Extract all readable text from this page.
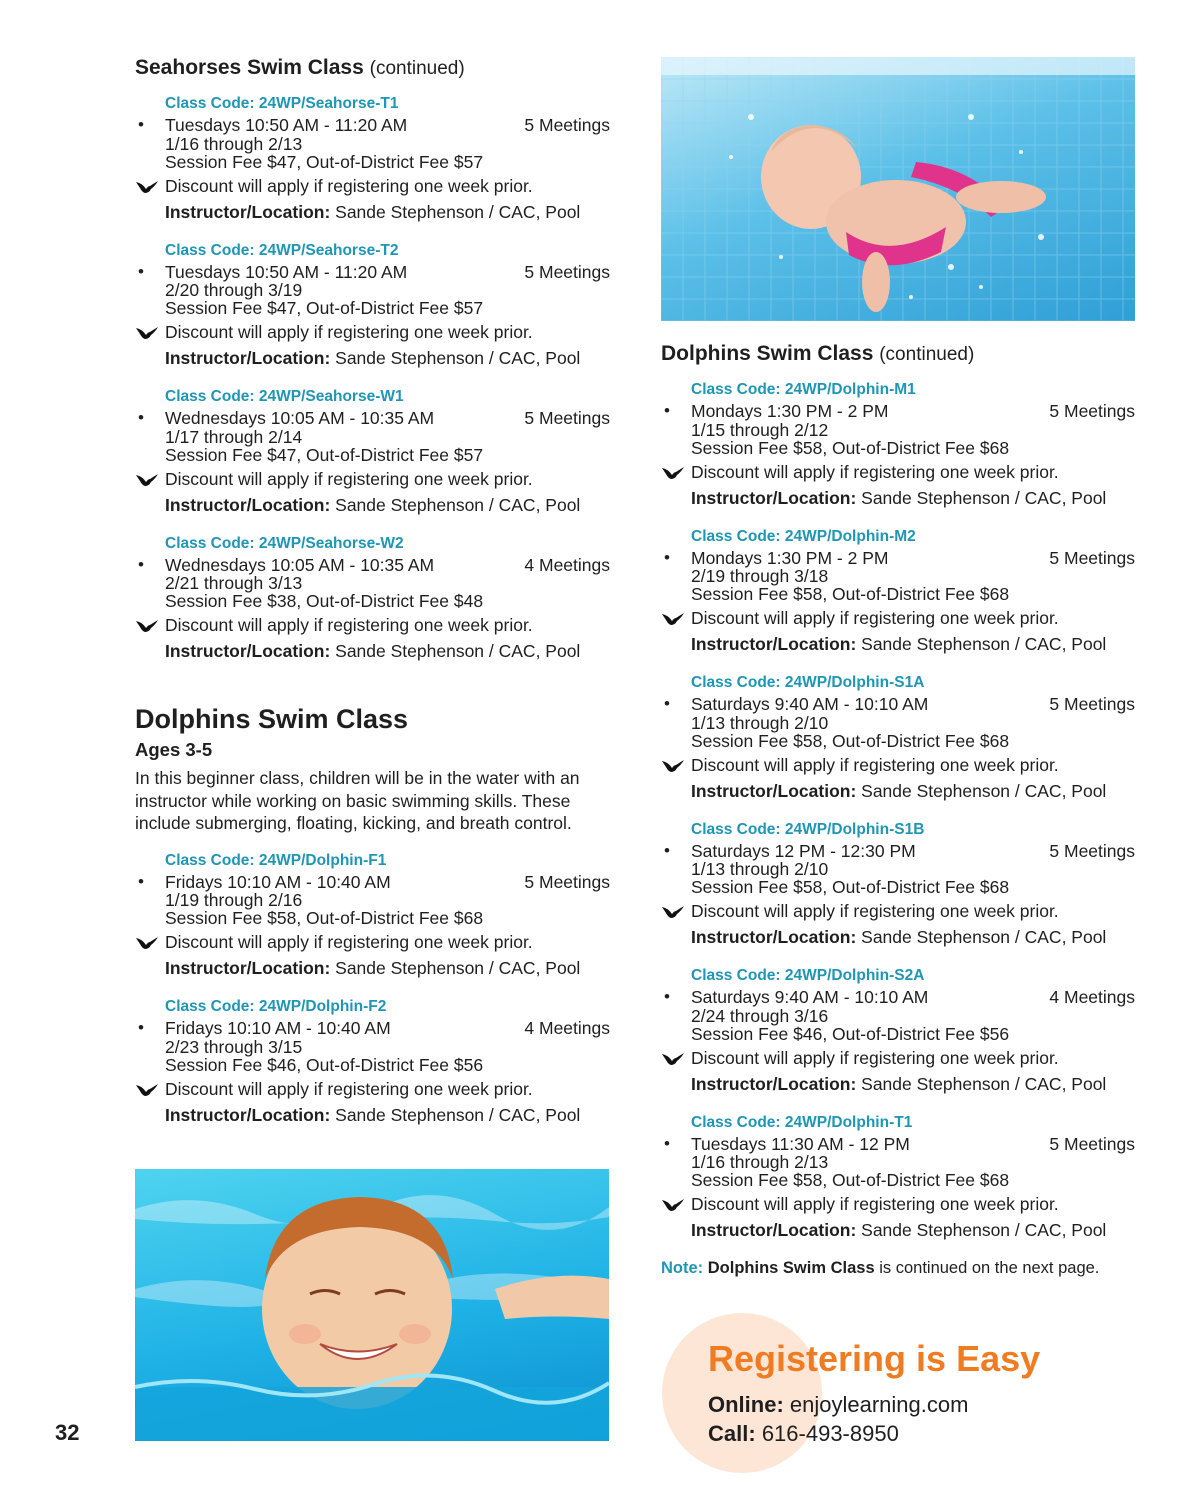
Seahorses Swim Class (continued)
Class Code: 24WP/Seahorse-T1
• Tuesdays 10:50 AM - 11:20 AM	5 Meetings
1/16 through 2/13
Session Fee $47, Out-of-District Fee $57
Discount will apply if registering one week prior.
Instructor/Location: Sande Stephenson / CAC, Pool
Class Code: 24WP/Seahorse-T2
• Tuesdays 10:50 AM - 11:20 AM	5 Meetings
2/20 through 3/19
Session Fee $47, Out-of-District Fee $57
Discount will apply if registering one week prior.
Instructor/Location: Sande Stephenson / CAC, Pool
Class Code: 24WP/Seahorse-W1
• Wednesdays 10:05 AM - 10:35 AM	5 Meetings
1/17 through 2/14
Session Fee $47, Out-of-District Fee $57
Discount will apply if registering one week prior.
Instructor/Location: Sande Stephenson / CAC, Pool
Class Code: 24WP/Seahorse-W2
• Wednesdays 10:05 AM - 10:35 AM	4 Meetings
2/21 through 3/13
Session Fee $38, Out-of-District Fee $48
Discount will apply if registering one week prior.
Instructor/Location: Sande Stephenson / CAC, Pool
Dolphins Swim Class
Ages 3-5
In this beginner class, children will be in the water with an instructor while working on basic swimming skills. These include submerging, floating, kicking, and breath control.
Class Code: 24WP/Dolphin-F1
• Fridays 10:10 AM - 10:40 AM	5 Meetings
1/19 through 2/16
Session Fee $58, Out-of-District Fee $68
Discount will apply if registering one week prior.
Instructor/Location: Sande Stephenson / CAC, Pool
Class Code: 24WP/Dolphin-F2
• Fridays 10:10 AM - 10:40 AM	4 Meetings
2/23 through 3/15
Session Fee $46, Out-of-District Fee $56
Discount will apply if registering one week prior.
Instructor/Location: Sande Stephenson / CAC, Pool
Dolphins Swim Class (continued)
Class Code: 24WP/Dolphin-M1
• Mondays 1:30 PM - 2 PM	5 Meetings
1/15 through 2/12
Session Fee $58, Out-of-District Fee $68
Discount will apply if registering one week prior.
Instructor/Location: Sande Stephenson / CAC, Pool
Class Code: 24WP/Dolphin-M2
• Mondays 1:30 PM - 2 PM	5 Meetings
2/19 through 3/18
Session Fee $58, Out-of-District Fee $68
Discount will apply if registering one week prior.
Instructor/Location: Sande Stephenson / CAC, Pool
Class Code: 24WP/Dolphin-S1A
• Saturdays 9:40 AM - 10:10 AM	5 Meetings
1/13 through 2/10
Session Fee $58, Out-of-District Fee $68
Discount will apply if registering one week prior.
Instructor/Location: Sande Stephenson / CAC, Pool
Class Code: 24WP/Dolphin-S1B
• Saturdays 12 PM - 12:30 PM	5 Meetings
1/13 through 2/10
Session Fee $58, Out-of-District Fee $68
Discount will apply if registering one week prior.
Instructor/Location: Sande Stephenson / CAC, Pool
Class Code: 24WP/Dolphin-S2A
• Saturdays 9:40 AM - 10:10 AM	4 Meetings
2/24 through 3/16
Session Fee $46, Out-of-District Fee $56
Discount will apply if registering one week prior.
Instructor/Location: Sande Stephenson / CAC, Pool
Class Code: 24WP/Dolphin-T1
• Tuesdays 11:30 AM - 12 PM	5 Meetings
1/16 through 2/13
Session Fee $58, Out-of-District Fee $68
Discount will apply if registering one week prior.
Instructor/Location: Sande Stephenson / CAC, Pool
Note: Dolphins Swim Class is continued on the next page.
Registering is Easy
Online: enjoylearning.com
Call: 616-493-8950
32
